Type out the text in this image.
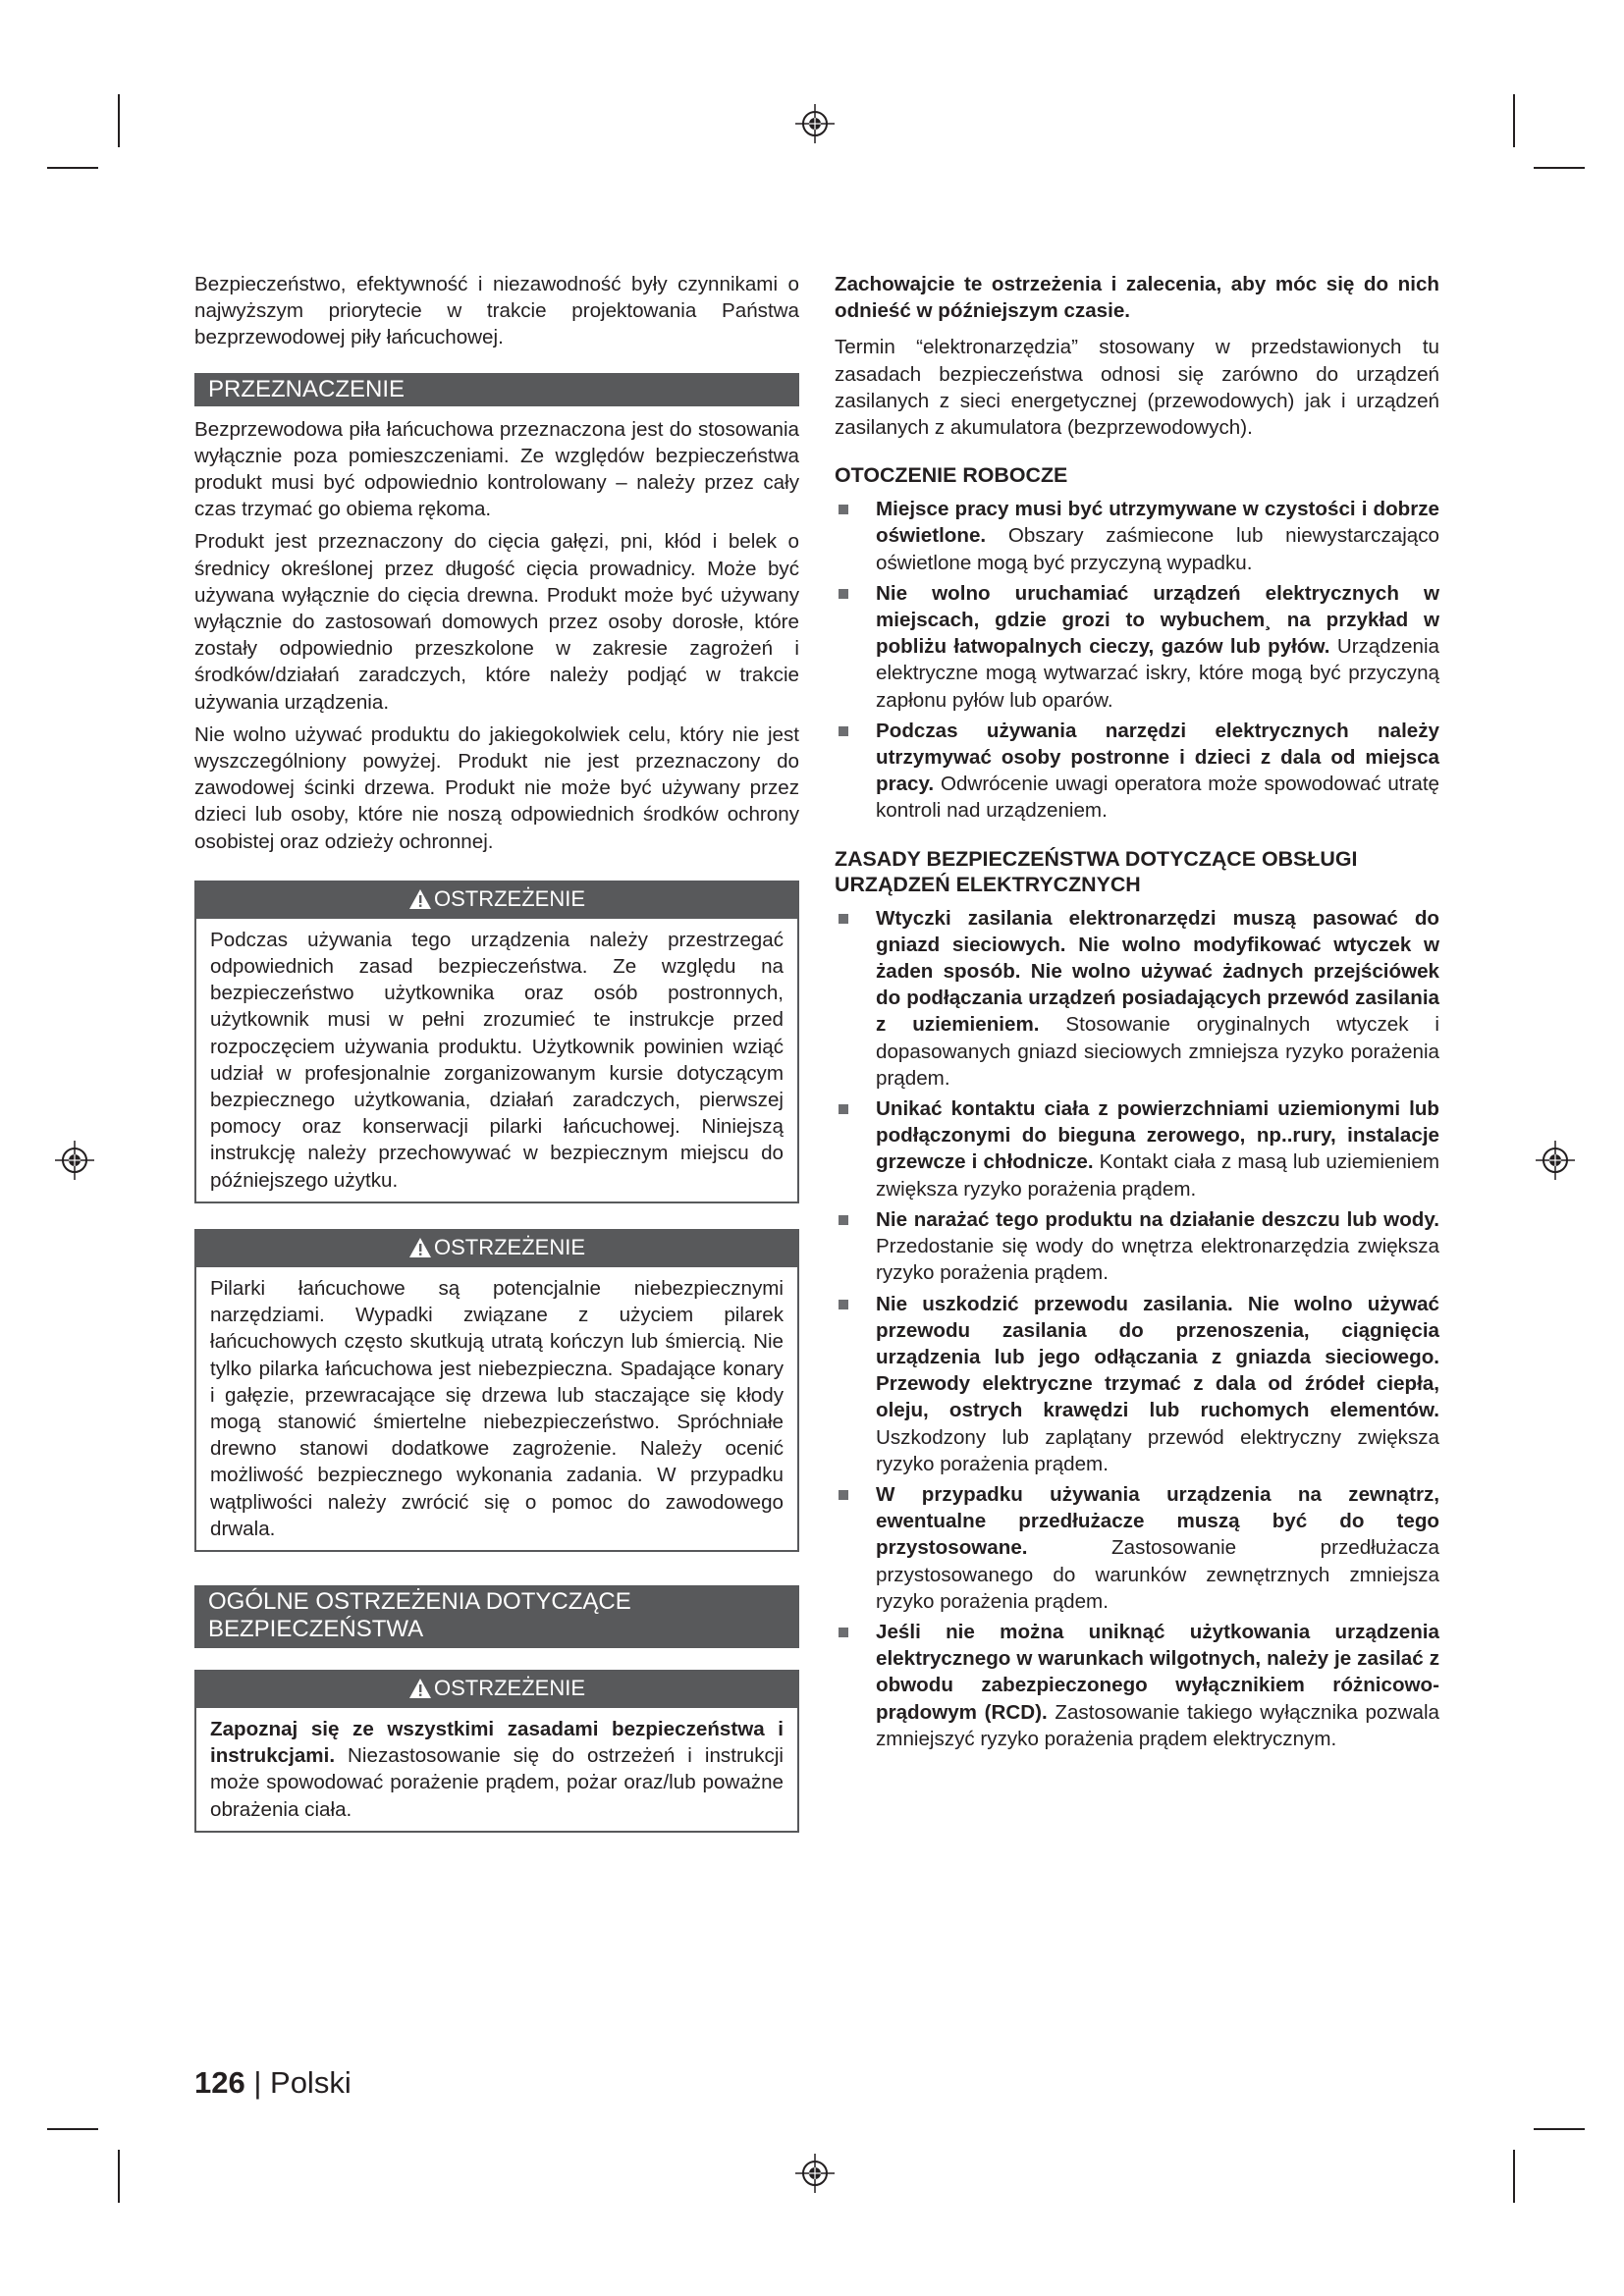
Bezpieczeństwo, efektywność i niezawodność były czynnikami o najwyższym priorytecie w trakcie projektowania Państwa bezprzewodowej piły łańcuchowej.

PRZEZNACZENIE

Bezprzewodowa piła łańcuchowa przeznaczona jest do stosowania wyłącznie poza pomieszczeniami. Ze względów bezpieczeństwa produkt musi być odpowiednio kontrolowany – należy przez cały czas trzymać go obiema rękoma.

Produkt jest przeznaczony do cięcia gałęzi, pni, kłód i belek o średnicy określonej przez długość cięcia prowadnicy. Może być używana wyłącznie do cięcia drewna. Produkt może być używany wyłącznie do zastosowań domowych przez osoby dorosłe, które zostały odpowiednio przeszkolone w zakresie zagrożeń i środków/działań zaradczych, które należy podjąć w trakcie używania urządzenia.

Nie wolno używać produktu do jakiegokolwiek celu, który nie jest wyszczególniony powyżej. Produkt nie jest przeznaczony do zawodowej ścinki drzewa. Produkt nie może być używany przez dzieci lub osoby, które nie noszą odpowiednich środków ochrony osobistej oraz odzieży ochronnej.

OSTRZEŻENIE
Podczas używania tego urządzenia należy przestrzegać odpowiednich zasad bezpieczeństwa. Ze względu na bezpieczeństwo użytkownika oraz osób postronnych, użytkownik musi w pełni zrozumieć te instrukcje przed rozpoczęciem używania produktu. Użytkownik powinien wziąć udział w profesjonalnie zorganizowanym kursie dotyczącym bezpiecznego użytkowania, działań zaradczych, pierwszej pomocy oraz konserwacji pilarki łańcuchowej. Niniejszą instrukcję należy przechowywać w bezpiecznym miejscu do późniejszego użytku.
OSTRZEŻENIE
Pilarki łańcuchowe są potencjalnie niebezpiecznymi narzędziami. Wypadki związane z użyciem pilarek łańcuchowych często skutkują utratą kończyn lub śmiercią. Nie tylko pilarka łańcuchowa jest niebezpieczna. Spadające konary i gałęzie, przewracające się drzewa lub staczające się kłody mogą stanowić śmiertelne niebezpieczeństwo. Spróchniałe drewno stanowi dodatkowe zagrożenie. Należy ocenić możliwość bezpiecznego wykonania zadania. W przypadku wątpliwości należy zwrócić się o pomoc do zawodowego drwala.
OGÓLNE OSTRZEŻENIA DOTYCZĄCE
BEZPIECZEŃSTWA
OSTRZEŻENIE
Zapoznaj się ze wszystkimi zasadami bezpieczeństwa i instrukcjami. Niezastosowanie się do ostrzeżeń i instrukcji może spowodować porażenie prądem, pożar oraz/lub poważne obrażenia ciała.

Zachowajcie te ostrzeżenia i zalecenia, aby móc się do nich odnieść w późniejszym czasie.

Termin “elektronarzędzia” stosowany w przedstawionych tu zasadach bezpieczeństwa odnosi się zarówno do urządzeń zasilanych z sieci energetycznej (przewodowych) jak i urządzeń zasilanych z akumulatora (bezprzewodowych).

OTOCZENIE ROBOCZE
Miejsce pracy musi być utrzymywane w czystości i dobrze oświetlone. Obszary zaśmiecone lub niewystarczająco oświetlone mogą być przyczyną wypadku.
Nie wolno uruchamiać urządzeń elektrycznych w miejscach, gdzie grozi to wybuchem¸ na przykład w pobliżu łatwopalnych cieczy, gazów lub pyłów. Urządzenia elektryczne mogą wytwarzać iskry, które mogą być przyczyną zapłonu pyłów lub oparów.
Podczas używania narzędzi elektrycznych należy utrzymywać osoby postronne i dzieci z dala od miejsca pracy. Odwrócenie uwagi operatora może spowodować utratę kontroli nad urządzeniem.
ZASADY BEZPIECZEŃSTWA DOTYCZĄCE OBSŁUGI URZĄDZEŃ ELEKTRYCZNYCH
Wtyczki zasilania elektronarzędzi muszą pasować do gniazd sieciowych. Nie wolno modyfikować wtyczek w żaden sposób. Nie wolno używać żadnych przejściówek do podłączania urządzeń posiadających przewód zasilania z uziemieniem. Stosowanie oryginalnych wtyczek i dopasowanych gniazd sieciowych zmniejsza ryzyko porażenia prądem.
Unikać kontaktu ciała z powierzchniami uziemionymi lub podłączonymi do bieguna zerowego, np..rury, instalacje grzewcze i chłodnicze. Kontakt ciała z masą lub uziemieniem zwiększa ryzyko porażenia prądem.
Nie narażać tego produktu na działanie deszczu lub wody. Przedostanie się wody do wnętrza elektronarzędzia zwiększa ryzyko porażenia prądem.
Nie uszkodzić przewodu zasilania. Nie wolno używać przewodu zasilania do przenoszenia, ciągnięcia urządzenia lub jego odłączania z gniazda sieciowego. Przewody elektryczne trzymać z dala od źródeł ciepła, oleju, ostrych krawędzi lub ruchomych elementów. Uszkodzony lub zaplątany przewód elektryczny zwiększa ryzyko porażenia prądem.
W przypadku używania urządzenia na zewnątrz, ewentualne przedłużacze muszą być do tego przystosowane. Zastosowanie przedłużacza przystosowanego do warunków zewnętrznych zmniejsza ryzyko porażenia prądem.
Jeśli nie można uniknąć użytkowania urządzenia elektrycznego w warunkach wilgotnych, należy je zasilać z obwodu zabezpieczonego wyłącznikiem różnicowo-prądowym (RCD). Zastosowanie takiego wyłącznika pozwala zmniejszyć ryzyko porażenia prądem elektrycznym.
126 | Polski
